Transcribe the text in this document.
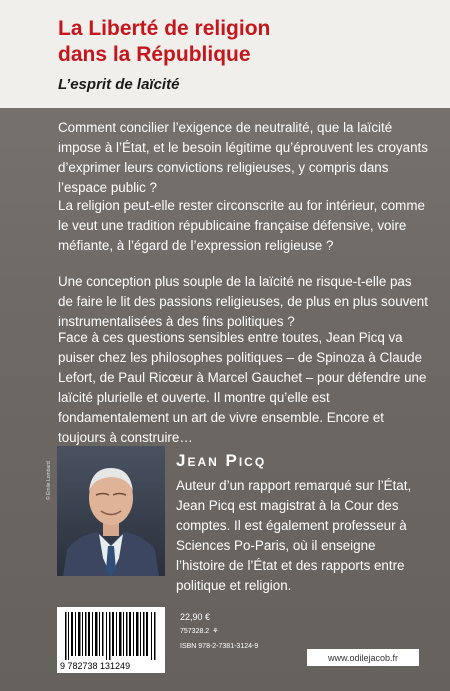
La Liberté de religion
dans la République

L’esprit de laïcité

Comment concilier l’exigence de neutralité, que la laïcité impose à l’État, et le besoin légitime qu’éprouvent les croyants d’exprimer leurs convictions religieuses, y compris dans l’espace public ?

La religion peut-elle rester circonscrite au for intérieur, comme le veut une tradition républicaine française défensive, voire méfiante, à l’égard de l’expression religieuse ?

Une conception plus souple de la laïcité ne risque-t-elle pas de faire le lit des passions religieuses, de plus en plus souvent instrumentalisées à des fins politiques ?

Face à ces questions sensibles entre toutes, Jean Picq va puiser chez les philosophes politiques – de Spinoza à Claude Lefort, de Paul Ricœur à Marcel Gauchet – pour défendre une laïcité plurielle et ouverte. Il montre qu’elle est fondamentalement un art de vivre ensemble. Encore et toujours à construire…

© Émile Lombard
Jean Picq

Auteur d’un rapport remarqué sur l’État, Jean Picq est magistrat à la Cour des comptes. Il est également professeur à Sciences Po-Paris, où il enseigne l’histoire de l’État et des rapports entre politique et religion.

9 782738 131249

22,90 €

757328.2 ⚘

ISBN 978-2-7381-3124-9

www.odilejacob.fr
